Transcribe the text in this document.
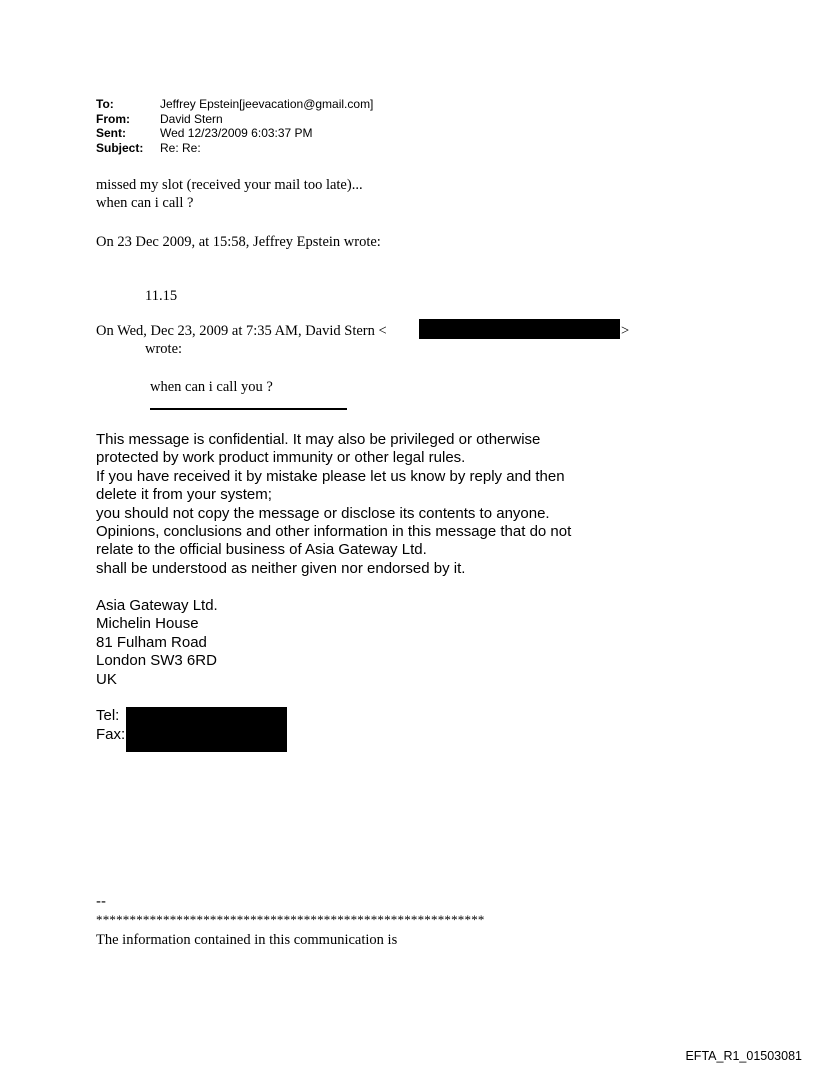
To:	Jeffrey Epstein[jeevacation@gmail.com]
From:	David Stern
Sent:	Wed 12/23/2009 6:03:37 PM
Subject:	Re: Re:
missed my slot (received your mail too late)...
when can i call ?
On 23 Dec 2009, at 15:58, Jeffrey Epstein wrote:
11.15
On Wed, Dec 23, 2009 at 7:35 AM, David Stern <	>
wrote:
when can i call you ?
This message is confidential. It may also be privileged or otherwise
protected by work product immunity or other legal rules.
If you have received it by mistake please let us know by reply and then
delete it from your system;
you should not copy the message or disclose its contents to anyone.
Opinions, conclusions and other information in this message that do not
relate to the official business of Asia Gateway Ltd.
shall be understood as neither given nor endorsed by it.
Asia Gateway Ltd.
Michelin House
81 Fulham Road
London SW3 6RD
UK
Tel:
Fax:
--
**********************************************************
The information contained in this communication is
EFTA_R1_01503081
